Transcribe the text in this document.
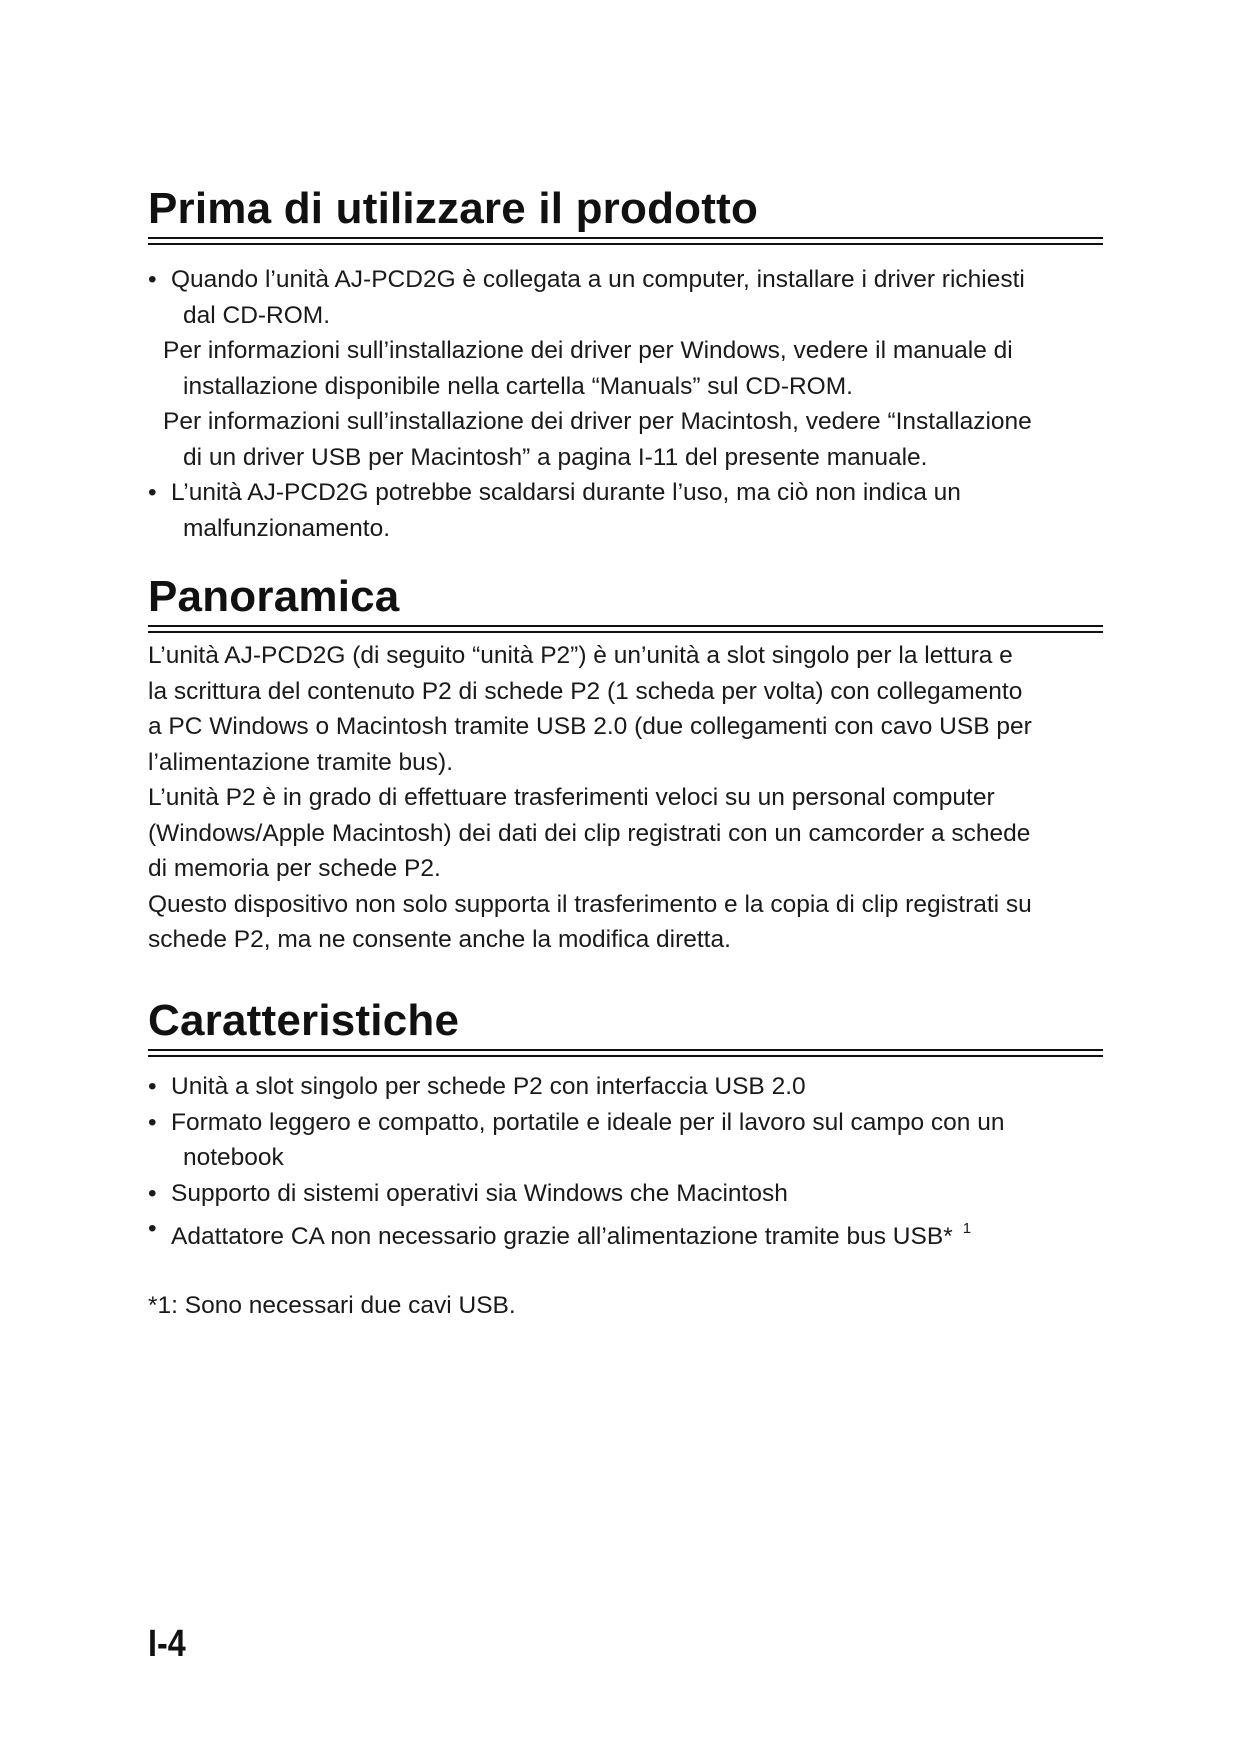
Prima di utilizzare il prodotto
• Quando l’unità AJ-PCD2G è collegata a un computer, installare i driver richiesti
dal CD-ROM.
Per informazioni sull’installazione dei driver per Windows, vedere il manuale di
installazione disponibile nella cartella “Manuals” sul CD-ROM.
Per informazioni sull’installazione dei driver per Macintosh, vedere “Installazione
di un driver USB per Macintosh” a pagina I-11 del presente manuale.
• L’unità AJ-PCD2G potrebbe scaldarsi durante l’uso, ma ciò non indica un
malfunzionamento.
Panoramica
L’unità AJ-PCD2G (di seguito “unità P2”) è un’unità a slot singolo per la lettura e
la scrittura del contenuto P2 di schede P2 (1 scheda per volta) con collegamento
a PC Windows o Macintosh tramite USB 2.0 (due collegamenti con cavo USB per
l’alimentazione tramite bus).
L’unità P2 è in grado di effettuare trasferimenti veloci su un personal computer
(Windows/Apple Macintosh) dei dati dei clip registrati con un camcorder a schede
di memoria per schede P2.
Questo dispositivo non solo supporta il trasferimento e la copia di clip registrati su
schede P2, ma ne consente anche la modifica diretta.
Caratteristiche
• Unità a slot singolo per schede P2 con interfaccia USB 2.0
• Formato leggero e compatto, portatile e ideale per il lavoro sul campo con un
notebook
• Supporto di sistemi operativi sia Windows che Macintosh
• Adattatore CA non necessario grazie all’alimentazione tramite bus USB* $^1$
*1: Sono necessari due cavi USB.
I-4
